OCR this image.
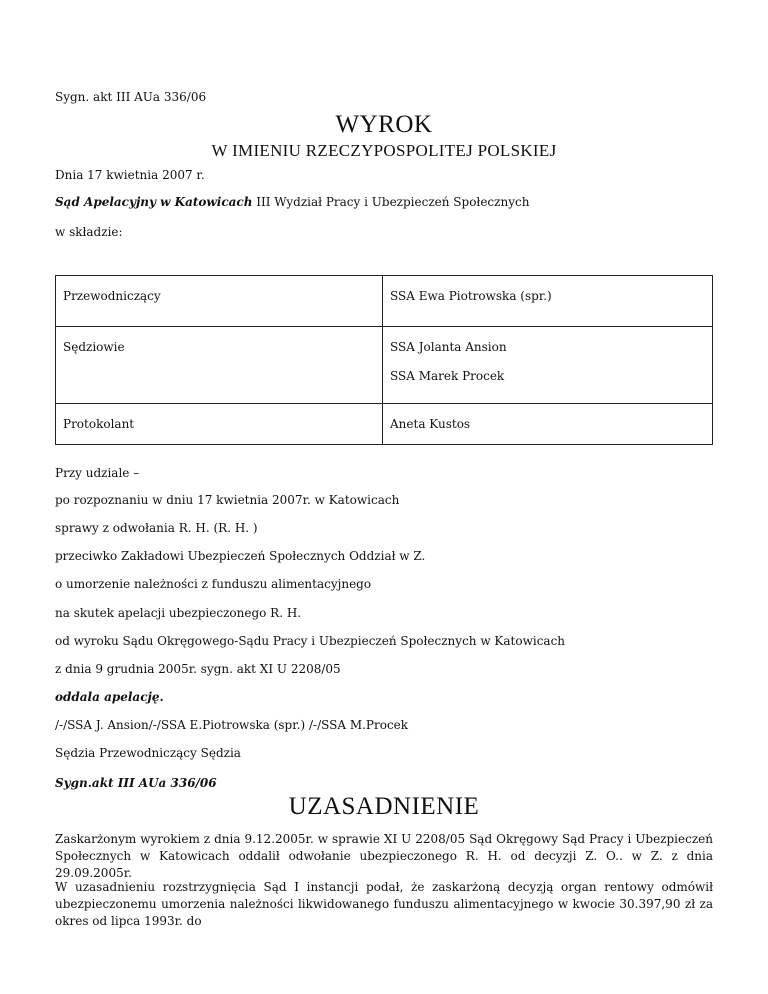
Sygn. akt III AUa 336/06
WYROK
W IMIENIU RZECZYPOSPOLITEJ POLSKIEJ
Dnia 17 kwietnia 2007 r.
Sąd Apelacyjny w Katowicach III Wydział Pracy i Ubezpieczeń Społecznych
w składzie:
Przewodniczący	SSA Ewa Piotrowska (spr.)

Sędziowie	SSA Jolanta Ansion
SSA Marek Procek

Protokolant	Aneta Kustos
Przy udziale –
po rozpoznaniu w dniu 17 kwietnia 2007r. w Katowicach
sprawy z odwołania R. H. (R. H. )
przeciwko Zakładowi Ubezpieczeń Społecznych Oddział w Z.
o umorzenie należności z funduszu alimentacyjnego
na skutek apelacji ubezpieczonego R. H.
od wyroku Sądu Okręgowego-Sądu Pracy i Ubezpieczeń Społecznych w Katowicach
z dnia 9 grudnia 2005r. sygn. akt XI U 2208/05
oddala apelację.
/-/SSA J. Ansion/-/SSA E.Piotrowska (spr.) /-/SSA M.Procek
Sędzia Przewodniczący Sędzia
Sygn.akt III AUa 336/06
UZASADNIENIE
Zaskarżonym wyrokiem z dnia 9.12.2005r. w sprawie XI U 2208/05 Sąd Okręgowy Sąd Pracy i Ubezpieczeń Społecznych w Katowicach oddalił odwołanie ubezpieczonego R. H. od decyzji Z. O.. w Z. z dnia 29.09.2005r.
W uzasadnieniu rozstrzygnięcia Sąd I instancji podał, że zaskarżoną decyzją organ rentowy odmówił ubezpieczonemu umorzenia należności likwidowanego funduszu alimentacyjnego w kwocie 30.397,90 zł za okres od lipca 1993r. do
